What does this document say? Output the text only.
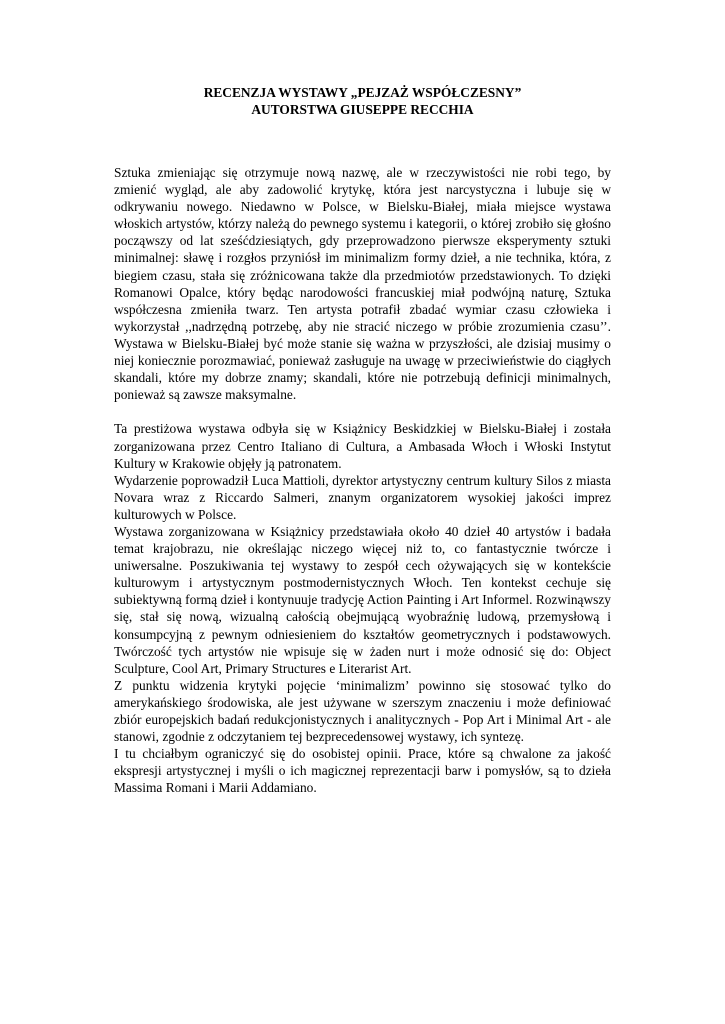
RECENZJA WYSTAWY „PEJZAŻ WSPÓŁCZESNY”
AUTORSTWA GIUSEPPE RECCHIA

Sztuka zmieniając się otrzymuje nową nazwę, ale w rzeczywistości nie robi tego, by zmienić wygląd, ale aby zadowolić krytykę, która jest narcystyczna i lubuje się w odkrywaniu nowego. Niedawno w Polsce, w Bielsku-Białej, miała miejsce wystawa włoskich artystów, którzy należą do pewnego systemu i kategorii, o której zrobiło się głośno począwszy od lat sześćdziesiątych, gdy przeprowadzono pierwsze eksperymenty sztuki minimalnej: sławę i rozgłos przyniósł im minimalizm formy dzieł, a nie technika, która, z biegiem czasu, stała się zróżnicowana także dla przedmiotów przedstawionych. To dzięki Romanowi Opalce, który będąc narodowości francuskiej miał podwójną naturę, Sztuka współczesna zmieniła twarz. Ten artysta potrafił zbadać wymiar czasu człowieka i wykorzystał ,,nadrzędną potrzebę, aby nie stracić niczego w próbie zrozumienia czasu’’. Wystawa w Bielsku-Białej być może stanie się ważna w przyszłości, ale dzisiaj musimy o niej koniecznie porozmawiać, ponieważ zasługuje na uwagę w przeciwieństwie do ciągłych skandali, które my dobrze znamy; skandali, które nie potrzebują definicji minimalnych, ponieważ są zawsze maksymalne.

Ta prestiżowa wystawa odbyła się w Książnicy Beskidzkiej w Bielsku-Białej i została zorganizowana przez Centro Italiano di Cultura, a Ambasada Włoch i Włoski Instytut Kultury w Krakowie objęły ją patronatem.

Wydarzenie poprowadził Luca Mattioli, dyrektor artystyczny centrum kultury Silos z miasta Novara wraz z Riccardo Salmeri, znanym organizatorem wysokiej jakości imprez kulturowych w Polsce.

Wystawa zorganizowana w Książnicy przedstawiała około 40 dzieł 40 artystów i badała temat krajobrazu, nie określając niczego więcej niż to, co fantastycznie twórcze i uniwersalne. Poszukiwania tej wystawy to zespół cech ożywających się w kontekście kulturowym i artystycznym postmodernistycznych Włoch. Ten kontekst cechuje się subiektywną formą dzieł i kontynuuje tradycję Action Painting i Art Informel. Rozwinąwszy się, stał się nową, wizualną całością obejmującą wyobraźnię ludową, przemysłową i konsumpcyjną z pewnym odniesieniem do kształtów geometrycznych i podstawowych. Twórczość tych artystów nie wpisuje się w żaden nurt i może odnosić się do: Object Sculpture, Cool Art, Primary Structures e Literarist Art.

Z punktu widzenia krytyki pojęcie ‘minimalizm’ powinno się stosować tylko do amerykańskiego środowiska, ale jest używane w szerszym znaczeniu i może definiować zbiór europejskich badań redukcjonistycznych i analitycznych - Pop Art i Minimal Art - ale stanowi, zgodnie z odczytaniem tej bezprecedensowej wystawy, ich syntezę.

I tu chciałbym ograniczyć się do osobistej opinii. Prace, które są chwalone za jakość ekspresji artystycznej i myśli o ich magicznej reprezentacji barw i pomysłów, są to dzieła Massima Romani i Marii Addamiano.
